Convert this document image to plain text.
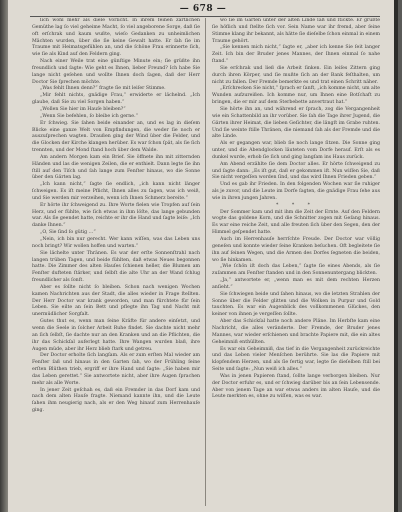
— 678 —

ſich wohl mehr als dieſe Vorſicht. In ihrem feinen zärtlichen Gemüthe lag ſo viel geheime Macht, ſo viel angeborene Sorge, daß ſie oft erſchrak und kaum wußte, wieſo Gedanken zu unheimlichen Mächten wurden, über die ſie keine Gewalt hatte. Er ſah ſie im Traume mit Heimatsgefühlen an, und die ſchöne Frau erinnerte ſich, wie ſie als Kind auf den Feldern ging.

Nach einer Weile trat eine günſtige Minute ein; ſie grüßte ihn freundlich und ſagte: Wie geht es Ihnen, lieber Freund? Ich habe Sie lange nicht geſehen und wollte Ihnen doch ſagen, daß der Herr Doctor Sie ſprechen möchte.

„Was fehlt Ihnen denn?“ fragte ſie mit leiſer Stimme.

„Mir fehlt nichts, gnädige Frau,“ erwiderte er lächelnd. „Ich glaube, daß Sie zu viel Sorgen haben.“

„Wollen Sie hier im Hauſe bleiben?“

„Wenn Sie befehlen, ſo bleibe ich gerne.“

Er ſchwieg. Sie ſahen beide einander an, und es lag in dieſem Blicke eine ganze Welt von Empfindungen, die weder ſie noch er auszuſprechen wagten. Draußen ging der Wind über die Felder, und die Glocken der Kirche klangen herüber. Es war ſchon ſpät, als ſie ſich trennten, und der Mond ſtand hoch über dem Walde.

Am andern Morgen kam ein Brief. Sie öffnete ihn mit zitternden Händen und las die wenigen Zeilen, die er enthielt. Dann legte ſie ihn ſtill auf den Tiſch und ſah lange zum Fenſter hinaus, wo die Sonne über den Gärten lag.

„Ich kann nicht,“ ſagte ſie endlich, „ich kann nicht länger ſchweigen. Es iſt meine Pflicht, Ihnen alles zu ſagen, was ich weiß, und Sie werden mir verzeihen, wenn ich Ihnen Schmerz bereite.“

Er hörte ihr ſchweigend zu. Ihre Worte fielen wie Tropfen auf ſein Herz, und er fühlte, wie ſich etwas in ihm löſte, das lange gebunden war. Als ſie geendet hatte, reichte er ihr die Hand und ſagte leiſe: „Ich danke Ihnen.“

„O, Sie ſind ſo gütig …“

„Nein, ich bin nur gerecht. Wer kann wiſſen, was das Leben uns noch bringt? Wir wollen hoffen und warten.“

Sie lächelte unter Thränen. Es war der erſte Sonnenſtrahl nach langen trüben Tagen, und beide fühlten, daß etwas Neues begonnen hatte. Die Zimmer des alten Hauſes ſchienen heller, die Blumen am Fenſter dufteten ſtärker, und ſelbſt die alte Uhr an der Wand ſchlug freundlicher als ſonſt.

Aber es ſollte nicht ſo bleiben. Schon nach wenigen Wochen kamen Nachrichten aus der Stadt, die alles wieder in Frage ſtellten. Der Herr Doctor war krank geworden, und man fürchtete für ſein Leben. Sie eilte an ſein Bett und pflegte ihn Tag und Nacht mit unermüdlicher Sorgfalt.

Gutes thut es, wenn man ſeine Kräfte für andere einſetzt, und wenn die Seele in ſolcher Arbeit Ruhe findet. Sie dachte nicht mehr an ſich ſelbſt, ſie dachte nur an den Kranken und an die Pflichten, die ihr das Schickſal auferlegt hatte. Ihre Wangen wurden blaß, ihre Augen müde, aber ihr Herz blieb ſtark und getreu.

Der Doctor erholte ſich langſam. Als er zum erſten Mal wieder am Fenſter ſaß und hinaus in den Garten ſah, wo der Frühling ſeine erſten Blüthen trieb, ergriff er ihre Hand und ſagte: „Sie haben mir das Leben gerettet.“ Sie antwortete nicht, aber ihre Augen ſprachen mehr als alle Worte.

In jener Zeit geſchah es, daß ein Fremder in das Dorf kam und nach dem alten Hauſe fragte. Niemand kannte ihn, und die Leute ſahen ihm neugierig nach, als er den Weg hinauf zum Herrenhauſe ging.

wo ſie im Garten unter der alten Linde ſaß und ſtickte. Er grüßte ſie höflich und ſtellte ſich vor. Sein Name war ihr fremd, aber ſeine Stimme klang ihr bekannt, als hätte ſie dieſelbe ſchon einmal in einem Traume gehört.

„Sie kennen mich nicht,“ ſagte er, „aber ich kenne Sie ſeit langer Zeit. Ich bin der Bruder jenes Mannes, der Ihnen einmal ſo nahe ſtand.“

Sie erſchrak und ließ die Arbeit ſinken. Ein leiſes Zittern ging durch ihren Körper, und ſie mußte ſich an der Bank feſthalten, um nicht zu fallen. Der Fremde bemerkte es und trat einen Schritt näher.

„Erſchrecken Sie nicht,“ ſprach er ſanft, „ich komme nicht, um alte Wunden aufzureißen. Ich komme nur, um Ihnen eine Botſchaft zu bringen, die er mir auf dem Sterbebette anvertraut hat.“

Sie hörte ihn an, und während er ſprach, zog die Vergangenheit wie ein Schattenbild an ihr vorüber. Sie ſah die Tage ihrer Jugend, die Gärten ihrer Heimat, die lieben Geſichter, die längſt im Grabe ruhten. Und ſie weinte ſtille Thränen, die niemand ſah als der Fremde und die alte Linde.

Als er gegangen war, blieb ſie noch lange ſitzen. Die Sonne ging unter, und die Abendglocken läuteten vom Dorfe herauf. Erſt als es dunkel wurde, erhob ſie ſich und ging langſam ins Haus zurück.

Am Abend erzählte ſie dem Doctor alles. Er hörte ſchweigend zu und ſagte dann: „Es iſt gut, daß er gekommen iſt. Nun wiſſen Sie, daß Sie nicht vergeſſen worden ſind, und das wird Ihnen Frieden geben.“

Und es gab ihr Frieden. In den folgenden Wochen war ſie ruhiger als je zuvor, und die Leute im Dorfe ſagten, die gnädige Frau ſehe aus wie in ihren jungen Jahren.

* * *

Der Sommer kam und mit ihm die Zeit der Ernte. Auf den Feldern wogte das goldene Korn, und die Schnitter zogen mit Geſang hinaus. Es war eine reiche Zeit, und alle freuten ſich über den Segen, den der Himmel geſpendet hatte.

Auch im Herrenhauſe herrſchte Freude. Der Doctor war völlig geneſen und konnte wieder ſeine Kranken beſuchen. Oft begleitete ſie ihn auf ſeinen Wegen, und die Armen des Dorfes ſegneten die beiden, wo ſie hinkamen.

„Wie ſchön iſt doch das Leben,“ ſagte ſie eines Abends, als ſie zuſammen am Fenſter ſtanden und in den Sonnenuntergang blickten.

„Ja,“ antwortete er, „wenn man es mit dem rechten Herzen anſieht.“

Sie ſchwiegen beide und ſahen hinaus, wo die letzten Strahlen der Sonne über die Felder glitten und die Wolken in Purpur und Gold tauchten. Es war ein Augenblick des vollkommenen Glückes, den keiner von ihnen je vergeſſen ſollte.

Aber das Schickſal hatte noch andere Pläne. Im Herbſte kam eine Nachricht, die alles veränderte. Der Fremde, der Bruder jenes Mannes, war wieder erſchienen und brachte Papiere mit, die ein altes Geheimniß enthüllten.

Es war ein Geheimniß, das tief in die Vergangenheit zurückreichte und das Leben vieler Menſchen berührte. Sie las die Papiere mit klopfendem Herzen, und als ſie fertig war, legte ſie dieſelben ſtill bei Seite und ſagte: „Nun weiß ich alles.“

Was in jenen Papieren ſtand, ſollte lange verborgen bleiben. Nur der Doctor erfuhr es, und er ſchwieg darüber bis an ſein Lebensende. Aber von jenem Tage an war etwas anders im alten Hauſe, und die Leute merkten es, ohne zu wiſſen, was es war.
